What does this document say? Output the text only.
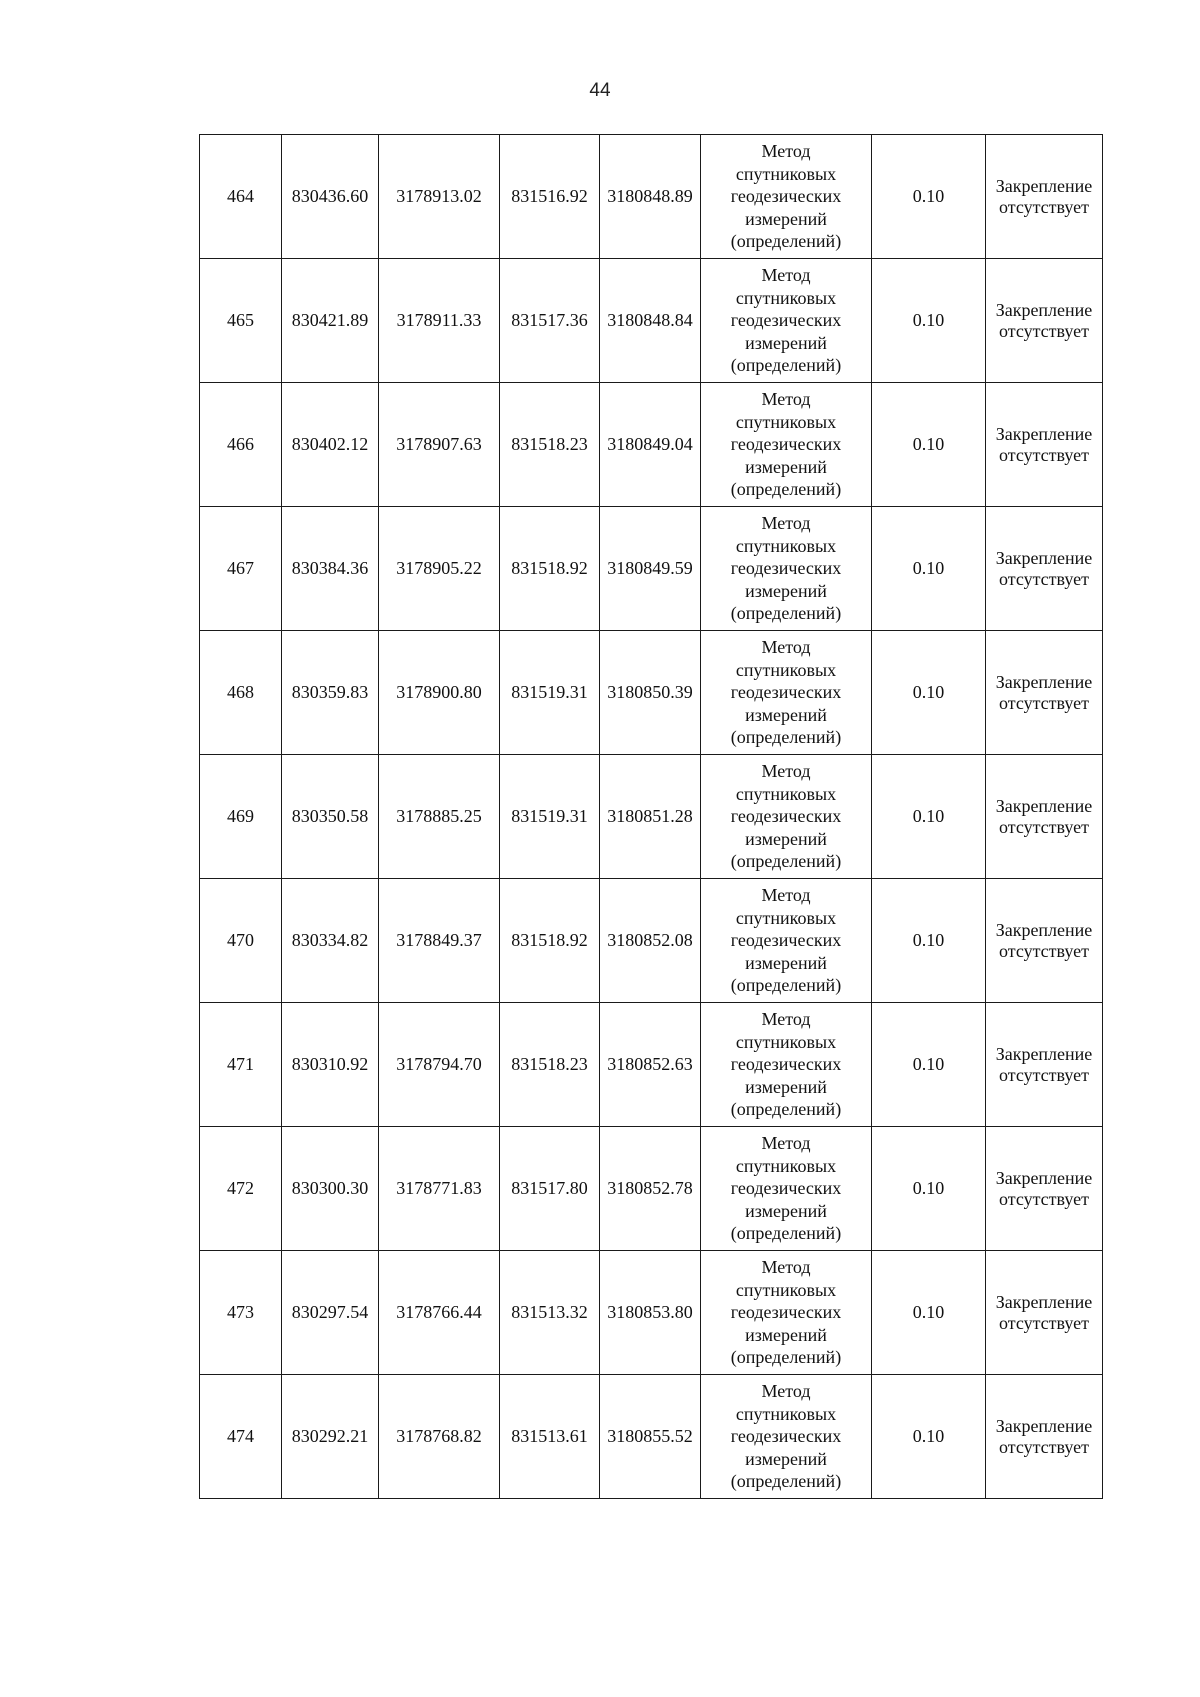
44
464	830436.60	3178913.02	831516.92	3180848.89	Метод
спутниковых
геодезических
измерений
(определений)	0.10	Закрепление
отсутствует

465	830421.89	3178911.33	831517.36	3180848.84	Метод
спутниковых
геодезических
измерений
(определений)	0.10	Закрепление
отсутствует

466	830402.12	3178907.63	831518.23	3180849.04	Метод
спутниковых
геодезических
измерений
(определений)	0.10	Закрепление
отсутствует

467	830384.36	3178905.22	831518.92	3180849.59	Метод
спутниковых
геодезических
измерений
(определений)	0.10	Закрепление
отсутствует

468	830359.83	3178900.80	831519.31	3180850.39	Метод
спутниковых
геодезических
измерений
(определений)	0.10	Закрепление
отсутствует

469	830350.58	3178885.25	831519.31	3180851.28	Метод
спутниковых
геодезических
измерений
(определений)	0.10	Закрепление
отсутствует

470	830334.82	3178849.37	831518.92	3180852.08	Метод
спутниковых
геодезических
измерений
(определений)	0.10	Закрепление
отсутствует

471	830310.92	3178794.70	831518.23	3180852.63	Метод
спутниковых
геодезических
измерений
(определений)	0.10	Закрепление
отсутствует

472	830300.30	3178771.83	831517.80	3180852.78	Метод
спутниковых
геодезических
измерений
(определений)	0.10	Закрепление
отсутствует

473	830297.54	3178766.44	831513.32	3180853.80	Метод
спутниковых
геодезических
измерений
(определений)	0.10	Закрепление
отсутствует

474	830292.21	3178768.82	831513.61	3180855.52	Метод
спутниковых
геодезических
измерений
(определений)	0.10	Закрепление
отсутствует
